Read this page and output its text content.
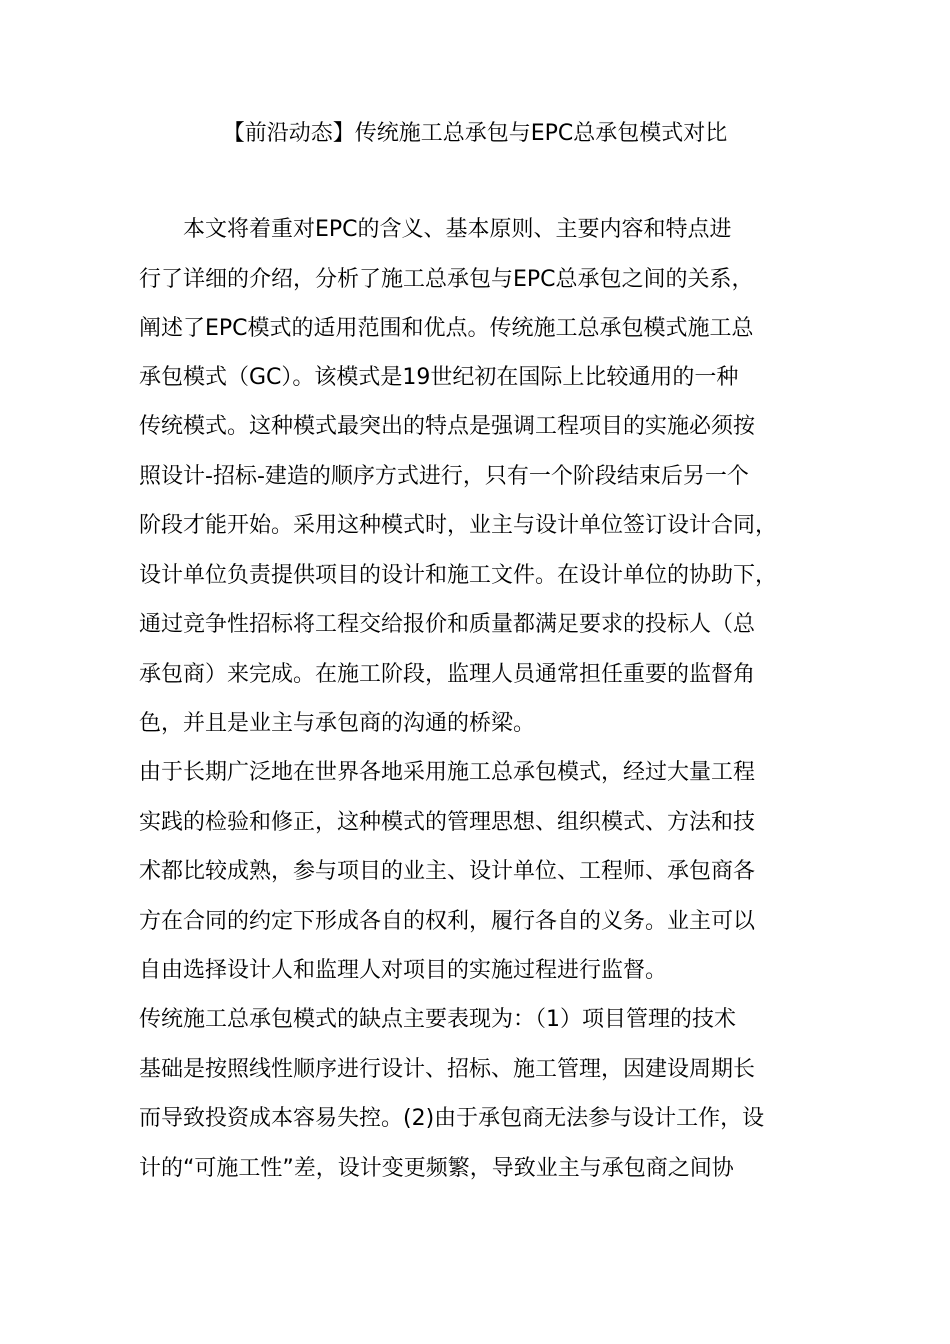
【前沿动态】传统施工总承包与EPC总承包模式对比
　　本文将着重对EPC的含义、基本原则、主要内容和特点进
行了详细的介绍，分析了施工总承包与EPC总承包之间的关系，
阐述了EPC模式的适用范围和优点。传统施工总承包模式施工总
承包模式（GC）。该模式是19世纪初在国际上比较通用的一种
传统模式。这种模式最突出的特点是强调工程项目的实施必须按
照设计-招标-建造的顺序方式进行，只有一个阶段结束后另一个
阶段才能开始。采用这种模式时，业主与设计单位签订设计合同，
设计单位负责提供项目的设计和施工文件。在设计单位的协助下，
通过竞争性招标将工程交给报价和质量都满足要求的投标人（总
承包商）来完成。在施工阶段，监理人员通常担任重要的监督角
色，并且是业主与承包商的沟通的桥梁。
由于长期广泛地在世界各地采用施工总承包模式，经过大量工程
实践的检验和修正，这种模式的管理思想、组织模式、方法和技
术都比较成熟，参与项目的业主、设计单位、工程师、承包商各
方在合同的约定下形成各自的权利，履行各自的义务。业主可以
自由选择设计人和监理人对项目的实施过程进行监督。
传统施工总承包模式的缺点主要表现为：（1）项目管理的技术
基础是按照线性顺序进行设计、招标、施工管理，因建设周期长
而导致投资成本容易失控。(2)由于承包商无法参与设计工作，设
计的“可施工性”差，设计变更频繁，导致业主与承包商之间协
